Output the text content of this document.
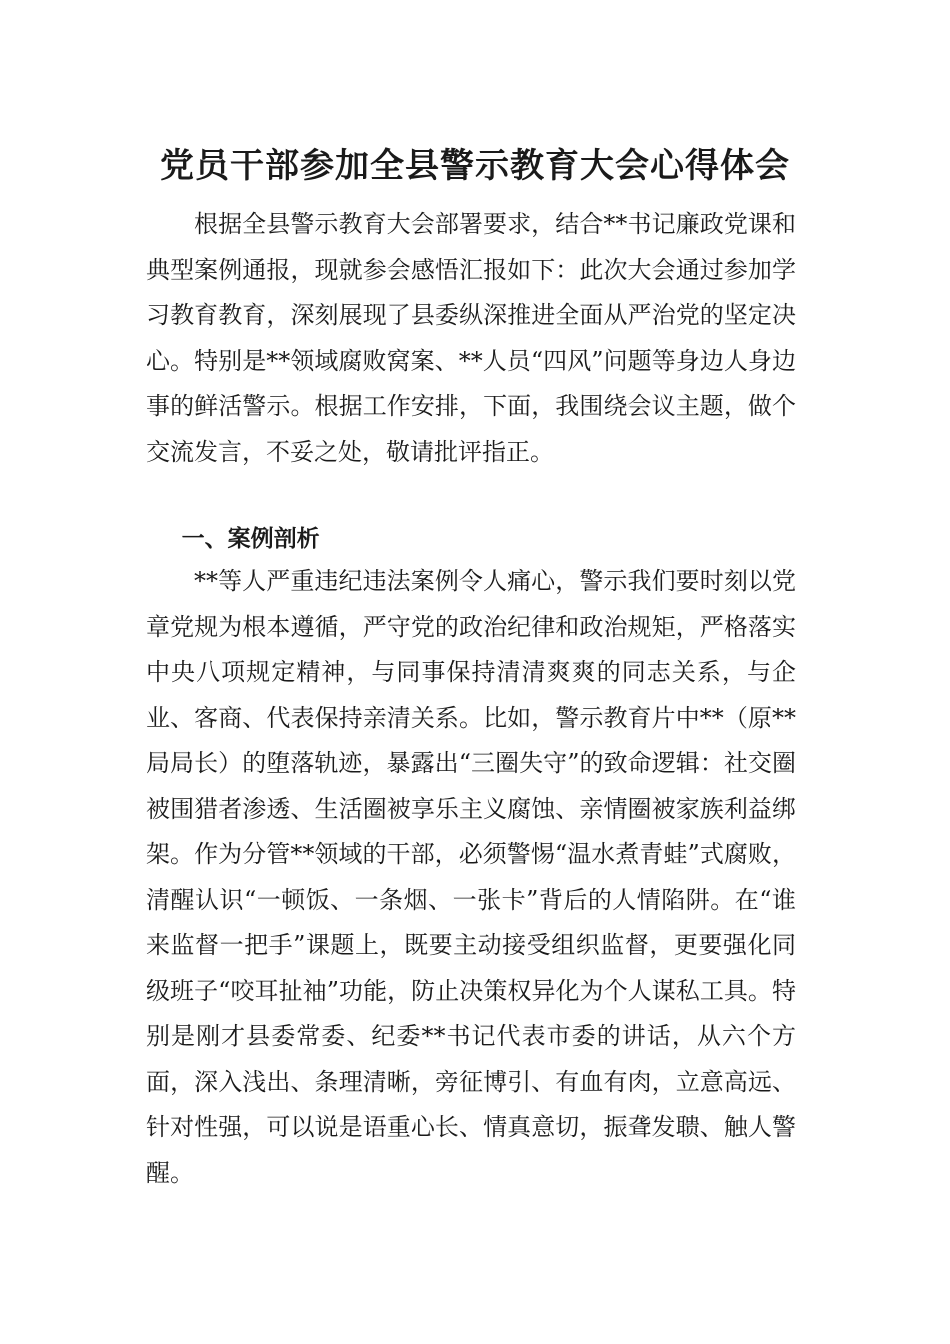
党员干部参加全县警示教育大会心得体会

根据全县警示教育大会部署要求，结合**书记廉政党课和典型案例通报，现就参会感悟汇报如下：此次大会通过参加学习教育教育，深刻展现了县委纵深推进全面从严治党的坚定决心。特别是**领域腐败窝案、**人员“四风”问题等身边人身边事的鲜活警示。根据工作安排，下面，我围绕会议主题，做个交流发言，不妥之处，敬请批评指正。

一、案例剖析

**等人严重违纪违法案例令人痛心，警示我们要时刻以党章党规为根本遵循，严守党的政治纪律和政治规矩，严格落实中央八项规定精神，与同事保持清清爽爽的同志关系，与企业、客商、代表保持亲清关系。比如，警示教育片中**（原**局局长）的堕落轨迹，暴露出“三圈失守”的致命逻辑：社交圈被围猎者渗透、生活圈被享乐主义腐蚀、亲情圈被家族利益绑架。作为分管**领域的干部，必须警惕“温水煮青蛙”式腐败，清醒认识“一顿饭、一条烟、一张卡”背后的人情陷阱。在“谁来监督一把手”课题上，既要主动接受组织监督，更要强化同级班子“咬耳扯袖”功能，防止决策权异化为个人谋私工具。特别是刚才县委常委、纪委**书记代表市委的讲话，从六个方面，深入浅出、条理清晰，旁征博引、有血有肉，立意高远、针对性强，可以说是语重心长、情真意切，振聋发聩、触人警醒。
